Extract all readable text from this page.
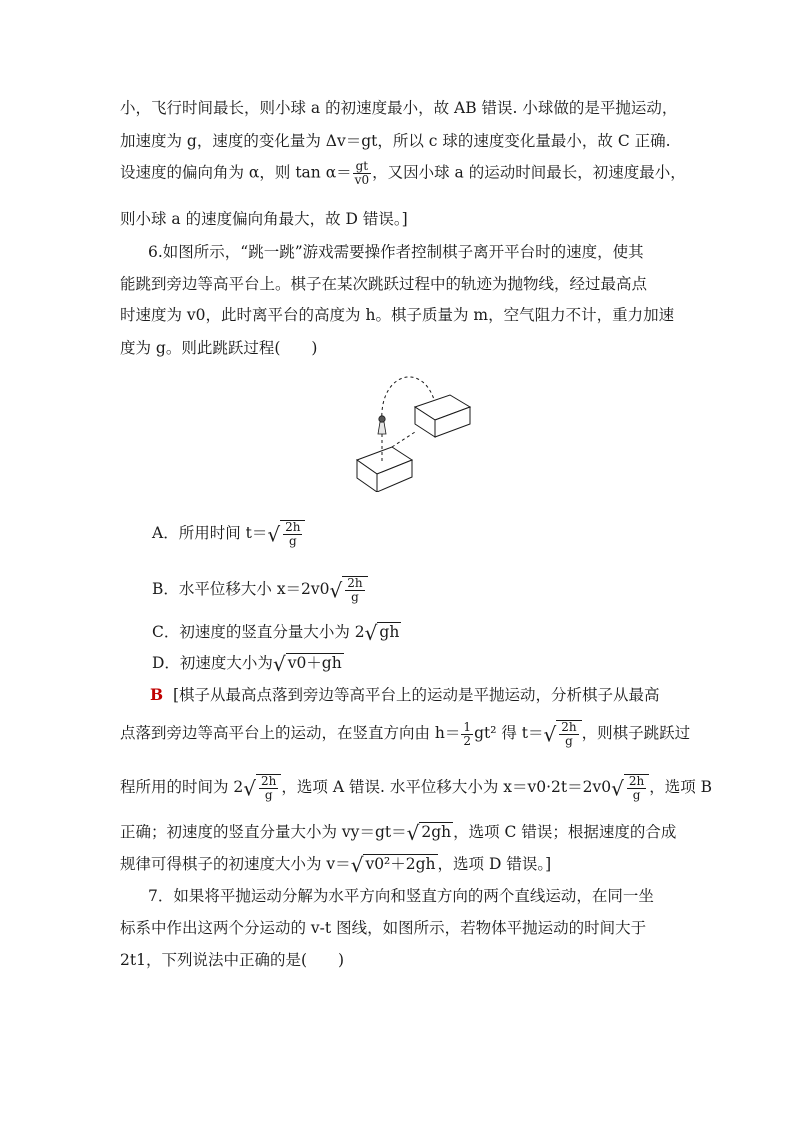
小，飞行时间最长，则小球 a 的初速度最小，故 AB 错误. 小球做的是平抛运动，
加速度为 g，速度的变化量为 Δv＝gt，所以 c 球的速度变化量最小，故 C 正确.
设速度的偏向角为 α，则 $\tan \alpha= \frac{gt}{v0}$ ，又因小球 a 的运动时间最长，初速度最小，
则小球 a 的速度偏向角最大，故 D 错误。]
6.如图所示，“跳一跳”游戏需要操作者控制棋子离开平台时的速度，使其
能跳到旁边等高平台上。棋子在某次跳跃过程中的轨迹为抛物线，经过最高点
时速度为 v0，此时离平台的高度为 h。棋子质量为 m，空气阻力不计，重力加速
度为 g。则此跳跃过程(　　)
A．所用时间 $t=√ \frac{2h}{g}$
B．水平位移大小 $x=2v0√ \frac{2h}{g}$
C．初速度的竖直分量大小为 2√ gh
D．初速度大小为√ v0＋gh
B [棋子从最高点落到旁边等高平台上的运动是平抛运动，分析棋子从最高
点落到旁边等高平台上的运动，在竖直方向由 $h= \frac{1}{2} gt^2$ 得 $t=√ \frac{2h}{g}$ ，则棋子跳跃过
程所用的时间为 $2√ \frac{2h}{g}$ ，选项 A 错误. 水平位移大小为 $x=v0\cdot 2t=2v0√ \frac{2h}{g}$ ，选项 B
正确；初速度的竖直分量大小为 vy＝gt＝√ 2gh ，选项 C 错误；根据速度的合成
规律可得棋子的初速度大小为 v＝√ v0²＋2gh ，选项 D 错误。]
7．如果将平抛运动分解为水平方向和竖直方向的两个直线运动，在同一坐
标系中作出这两个分运动的 v-t 图线，如图所示，若物体平抛运动的时间大于
2t1，下列说法中正确的是(　　)
